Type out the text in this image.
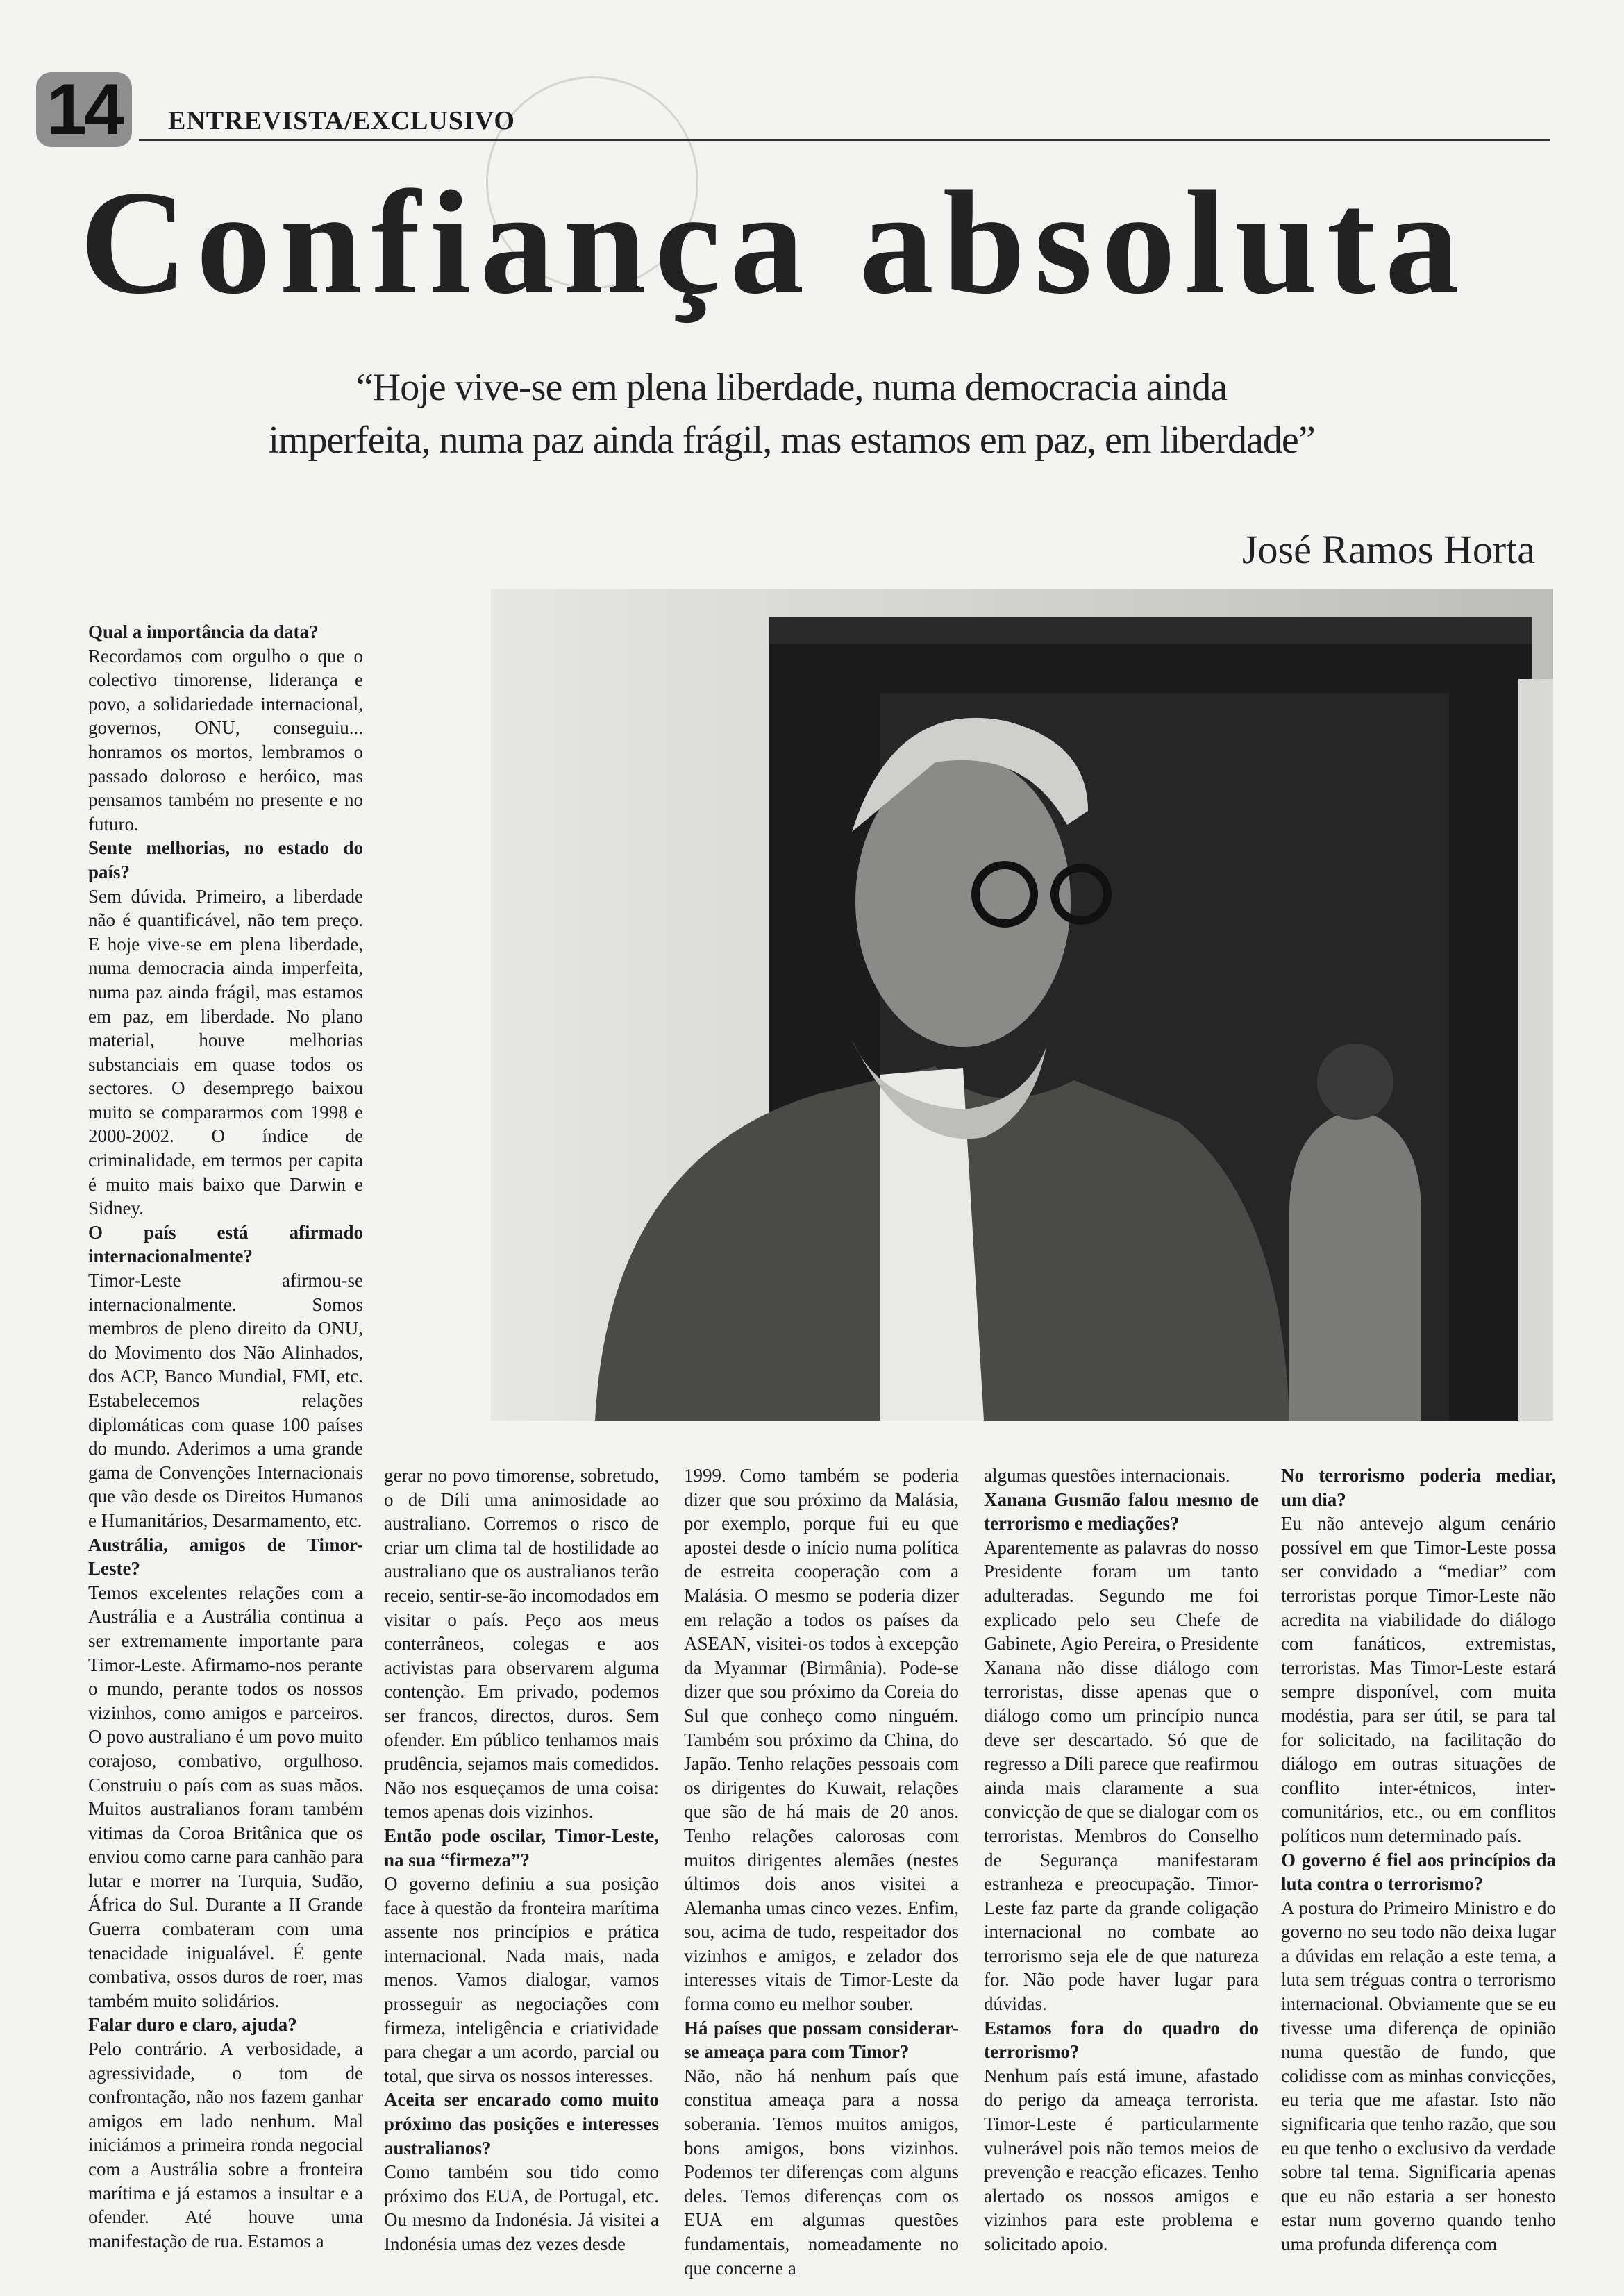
14	ENTREVISTA/EXCLUSIVO
Confiança absoluta
“Hoje vive-se em plena liberdade, numa democracia ainda
imperfeita, numa paz ainda frágil, mas estamos em paz, em liberdade”
José Ramos Horta

Qual a importância da data?

Recordamos com orgulho o que o colectivo timorense, liderança e povo, a solidariedade internacional, governos, ONU, conseguiu... honramos os mortos, lembramos o passado doloroso e heróico, mas pensamos também no presente e no futuro.

Sente melhorias, no estado do país?

Sem dúvida. Primeiro, a liberdade não é quantificável, não tem preço. E hoje vive-se em plena liberdade, numa democracia ainda imperfeita, numa paz ainda frágil, mas estamos em paz, em liberdade. No plano material, houve melhorias substanciais em quase todos os sectores. O desemprego baixou muito se compararmos com 1998 e 2000-2002. O índice de criminalidade, em termos per capita é muito mais baixo que Darwin e Sidney.

O país está afirmado internacionalmente?

Timor-Leste afirmou-se internacionalmente. Somos membros de pleno direito da ONU, do Movimento dos Não Alinhados, dos ACP, Banco Mundial, FMI, etc. Estabelecemos relações diplomáticas com quase 100 países do mundo. Aderimos a uma grande gama de Convenções Internacionais que vão desde os Direitos Humanos e Humanitários, Desarmamento, etc.

Austrália, amigos de Timor-Leste?

Temos excelentes relações com a Austrália e a Austrália continua a ser extremamente importante para Timor-Leste. Afirmamo-nos perante o mundo, perante todos os nossos vizinhos, como amigos e parceiros. O povo australiano é um povo muito corajoso, combativo, orgulhoso. Construiu o país com as suas mãos. Muitos australianos foram também vitimas da Coroa Britânica que os enviou como carne para canhão para lutar e morrer na Turquia, Sudão, África do Sul. Durante a II Grande Guerra combateram com uma tenacidade inigualável. É gente combativa, ossos duros de roer, mas também muito solidários.

Falar duro e claro, ajuda?

Pelo contrário. A verbosidade, a agressividade, o tom de confrontação, não nos fazem ganhar amigos em lado nenhum. Mal iniciámos a primeira ronda negocial com a Austrália sobre a fronteira marítima e já estamos a insultar e a ofender. Até houve uma manifestação de rua. Estamos a

gerar no povo timorense, sobretudo, o de Díli uma animosidade ao australiano. Corremos o risco de criar um clima tal de hostilidade ao australiano que os australianos terão receio, sentir-se-ão incomodados em visitar o país. Peço aos meus conterrâneos, colegas e aos activistas para observarem alguma contenção. Em privado, podemos ser francos, directos, duros. Sem ofender. Em público tenhamos mais prudência, sejamos mais comedidos. Não nos esqueçamos de uma coisa: temos apenas dois vizinhos.

Então pode oscilar, Timor-Leste, na sua “firmeza”?

O governo definiu a sua posição face à questão da fronteira marítima assente nos princípios e prática internacional. Nada mais, nada menos. Vamos dialogar, vamos prosseguir as negociações com firmeza, inteligência e criatividade para chegar a um acordo, parcial ou total, que sirva os nossos interesses.

Aceita ser encarado como muito próximo das posições e interesses australianos?

Como também sou tido como próximo dos EUA, de Portugal, etc. Ou mesmo da Indonésia. Já visitei a Indonésia umas dez vezes desde

1999. Como também se poderia dizer que sou próximo da Malásia, por exemplo, porque fui eu que apostei desde o início numa política de estreita cooperação com a Malásia. O mesmo se poderia dizer em relação a todos os países da ASEAN, visitei-os todos à excepção da Myanmar (Birmânia). Pode-se dizer que sou próximo da Coreia do Sul que conheço como ninguém. Também sou próximo da China, do Japão. Tenho relações pessoais com os dirigentes do Kuwait, relações que são de há mais de 20 anos. Tenho relações calorosas com muitos dirigentes alemães (nestes últimos dois anos visitei a Alemanha umas cinco vezes. Enfim, sou, acima de tudo, respeitador dos vizinhos e amigos, e zelador dos interesses vitais de Timor-Leste da forma como eu melhor souber.

Há países que possam considerar-se ameaça para com Timor?

Não, não há nenhum país que constitua ameaça para a nossa soberania. Temos muitos amigos, bons amigos, bons vizinhos. Podemos ter diferenças com alguns deles. Temos diferenças com os EUA em algumas questões fundamentais, nomeadamente no que concerne a

algumas questões internacionais.

Xanana Gusmão falou mesmo de terrorismo e mediações?

Aparentemente as palavras do nosso Presidente foram um tanto adulteradas. Segundo me foi explicado pelo seu Chefe de Gabinete, Agio Pereira, o Presidente Xanana não disse diálogo com terroristas, disse apenas que o diálogo como um princípio nunca deve ser descartado. Só que de regresso a Díli parece que reafirmou ainda mais claramente a sua convicção de que se dialogar com os terroristas. Membros do Conselho de Segurança manifestaram estranheza e preocupação. Timor-Leste faz parte da grande coligação internacional no combate ao terrorismo seja ele de que natureza for. Não pode haver lugar para dúvidas.

Estamos fora do quadro do terrorismo?

Nenhum país está imune, afastado do perigo da ameaça terrorista. Timor-Leste é particularmente vulnerável pois não temos meios de prevenção e reacção eficazes. Tenho alertado os nossos amigos e vizinhos para este problema e solicitado apoio.

No terrorismo poderia mediar, um dia?

Eu não antevejo algum cenário possível em que Timor-Leste possa ser convidado a “mediar” com terroristas porque Timor-Leste não acredita na viabilidade do diálogo com fanáticos, extremistas, terroristas. Mas Timor-Leste estará sempre disponível, com muita modéstia, para ser útil, se para tal for solicitado, na facilitação do diálogo em outras situações de conflito inter-étnicos, inter-comunitários, etc., ou em conflitos políticos num determinado país.

O governo é fiel aos princípios da luta contra o terrorismo?

A postura do Primeiro Ministro e do governo no seu todo não deixa lugar a dúvidas em relação a este tema, a luta sem tréguas contra o terrorismo internacional. Obviamente que se eu tivesse uma diferença de opinião numa questão de fundo, que colidisse com as minhas convicções, eu teria que me afastar. Isto não significaria que tenho razão, que sou eu que tenho o exclusivo da verdade sobre tal tema. Significaria apenas que eu não estaria a ser honesto estar num governo quando tenho uma profunda diferença com
